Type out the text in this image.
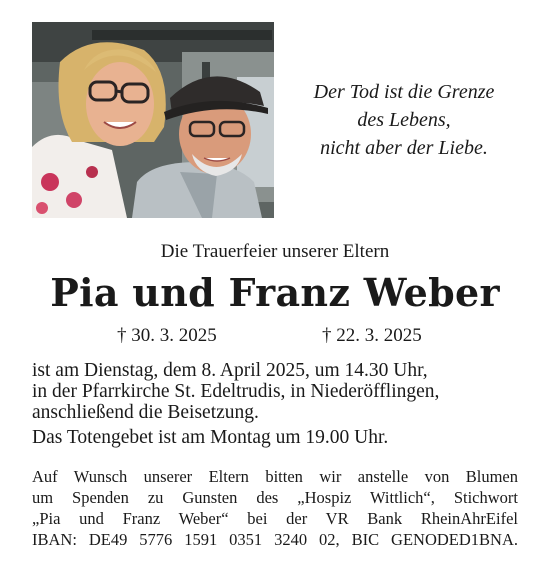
Der Tod ist die Grenze
des Lebens,
nicht aber der Liebe.
Die Trauerfeier unserer Eltern
Pia und Franz Weber
† 30. 3. 2025	† 22. 3. 2025
ist am Dienstag, dem 8. April 2025, um 14.30 Uhr,
in der Pfarrkirche St. Edeltrudis, in Niederöfflingen,
anschließend die Beisetzung.
Das Totengebet ist am Montag um 19.00 Uhr.
Auf Wunsch unserer Eltern bitten wir anstelle von Blumen
um Spenden zu Gunsten des „Hospiz Wittlich“, Stichwort
„Pia und Franz Weber“ bei der VR Bank RheinAhrEifel
IBAN: DE49 5776 1591 0351 3240 02, BIC GENODED1BNA.
